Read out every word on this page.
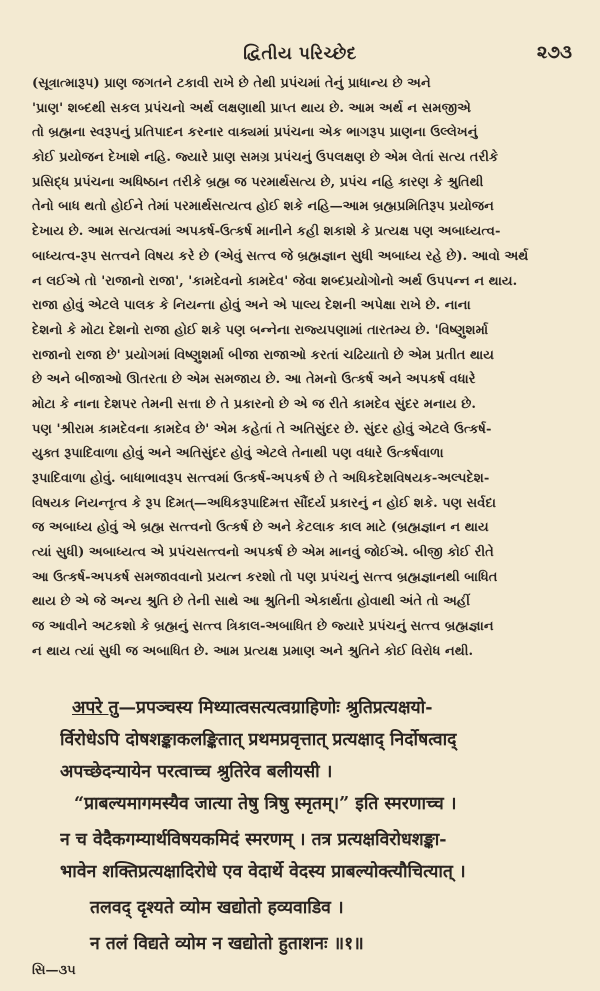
દ્વિતીય પરિચ્છેદ	૨૭૩
(સૂત્રાત્મારૂપ) પ્રાણ જગતને ટકાવી રાખે છે તેથી પ્રપંચમાં તેનું પ્રાધાન્ય છે અને
'પ્રાણ' શબ્દથી સકલ પ્રપંચનો અર્થ લક્ષણાથી પ્રાપ્ત થાય છે. આમ અર્થ ન સમજીએ
તો બ્રહ્મના સ્વરૂપનું પ્રતિપાદન કરનાર વાક્યમાં પ્રપંચના એક ભાગરૂપ પ્રાણના ઉલ્લેખનું
કોઈ પ્રયોજન દેખાશે નહિ. જ્યારે પ્રાણ સમગ્ર પ્રપંચનું ઉપલક્ષણ છે એમ લેતાં સત્ય તરીકે
પ્રસિદ્ધ પ્રપંચના અધિષ્ઠાન તરીકે બ્રહ્મ જ પરમાર્થસત્ય છે, પ્રપંચ નહિ કારણ કે શ્રુતિથી
તેનો બાધ થતો હોઈને તેમાં પરમાર્થસત્યત્વ હોઈ શકે નહિ—આમ બ્રહ્મપ્રમિતિરૂપ પ્રયોજન
દેખાય છે. આમ સત્યત્વમાં અપકર્ષ-ઉત્કર્ષ માનીને કહી શકાશે કે પ્રત્યક્ષ પણ અબાધ્યત્વ-
બાધ્યત્વ-રૂપ સત્ત્વને વિષય કરે છે (એવું સત્ત્વ જે બ્રહ્મજ્ઞાન સુધી અબાધ્ય રહે છે). આવો અર્થ
ન લઈએ તો 'રાજાનો રાજા', 'કામદેવનો કામદેવ' જેવા શબ્દપ્રયોગોનો અર્થ ઉપપન્ન ન થાય.
રાજા હોવું એટલે પાલક કે નિયન્તા હોવું અને એ પાલ્ય દેશની અપેક્ષા રાખે છે. નાના
દેશનો કે મોટા દેશનો રાજા હોઈ શકે પણ બન્નેના રાજ્યપણામાં તારતમ્ય છે. 'વિષ્ણુશર્મા
રાજાનો રાજા છે' પ્રયોગમાં વિષ્ણુશર્મા બીજા રાજાઓ કરતાં ચઢિયાતો છે એમ પ્રતીત થાય
છે અને બીજાઓ ઊતરતા છે એમ સમજાય છે. આ તેમનો ઉત્કર્ષ અને અપકર્ષ વધારે
મોટા કે નાના દેશપર તેમની સત્તા છે તે પ્રકારનો છે એ જ રીતે કામદેવ સુંદર મનાય છે.
પણ 'શ્રીરામ કામદેવના કામદેવ છે' એમ કહેતાં તે અતિસુંદર છે. સુંદર હોવું એટલે ઉત્કર્ષ-
યુક્ત રૂપાદિવાળા હોવું અને અતિસુંદર હોવું એટલે તેનાથી પણ વધારે ઉત્કર્ષવાળા
રૂપાદિવાળા હોવું. બાધાભાવરૂપ સત્ત્વમાં ઉત્કર્ષ-અપકર્ષ છે તે અધિકદેશવિષયક-અલ્પદેશ-
વિષયક નિયન્તૃત્વ કે રૂપ દિમત્—અધિકરૂપાદિમત્ત સૌંદર્ય પ્રકારનું ન હોઈ શકે. પણ સર્વદા
જ અબાધ્ય હોવું એ બ્રહ્મ સત્ત્વનો ઉત્કર્ષ છે અને કેટલાક કાલ માટે (બ્રહ્મજ્ઞાન ન થાય
ત્યાં સુધી) અબાધ્યત્વ એ પ્રપંચસત્ત્વનો અપકર્ષ છે એમ માનવું જોઈએ. બીજી કોઈ રીતે
આ ઉત્કર્ષ-અપકર્ષ સમજાવવાનો પ્રયત્ન કરશો તો પણ પ્રપંચનું સત્ત્વ બ્રહ્મજ્ઞાનથી બાધિત
થાય છે એ જે અન્ય શ્રુતિ છે તેની સાથે આ શ્રુતિની એકાર્થતા હોવાથી અંતે તો અહીં
જ આવીને અટકશો કે બ્રહ્મનું સત્ત્વ ત્રિકાલ-અબાધિત છે જ્યારે પ્રપંચનું સત્ત્વ બ્રહ્મજ્ઞાન
ન થાય ત્યાં સુધી જ અબાધિત છે. આમ પ્રત્યક્ષ પ્રમાણ અને શ્રુતિને કોઈ વિરોધ નથી.
अपरे तु—प्रपञ्चस्य मिथ्यात्वसत्यत्वग्राहिणोः श्रुतिप्रत्यक्षयो-
र्विरोधेऽपि दोषशङ्काकलङ्कितात् प्रथमप्रवृत्तात् प्रत्यक्षाद् निर्दोषत्वाद्
अपच्छेदन्यायेन परत्वाच्च श्रुतिरेव बलीयसी ।
“प्राबल्यमागमस्यैव जात्या तेषु त्रिषु स्मृतम्।” इति स्मरणाच्च ।
न च वेदैकगम्यार्थविषयकमिदं स्मरणम् । तत्र प्रत्यक्षविरोधशङ्का-
भावेन शक्तिप्रत्यक्षादिरोधे एव वेदार्थे वेदस्य प्राबल्योक्त्यौचित्यात् ।
तलवद् दृश्यते व्योम खद्योतो हव्यवाडिव ।
न तलं विद्यते व्योम न खद्योतो हुताशनः ॥१॥
સિ—૩૫
